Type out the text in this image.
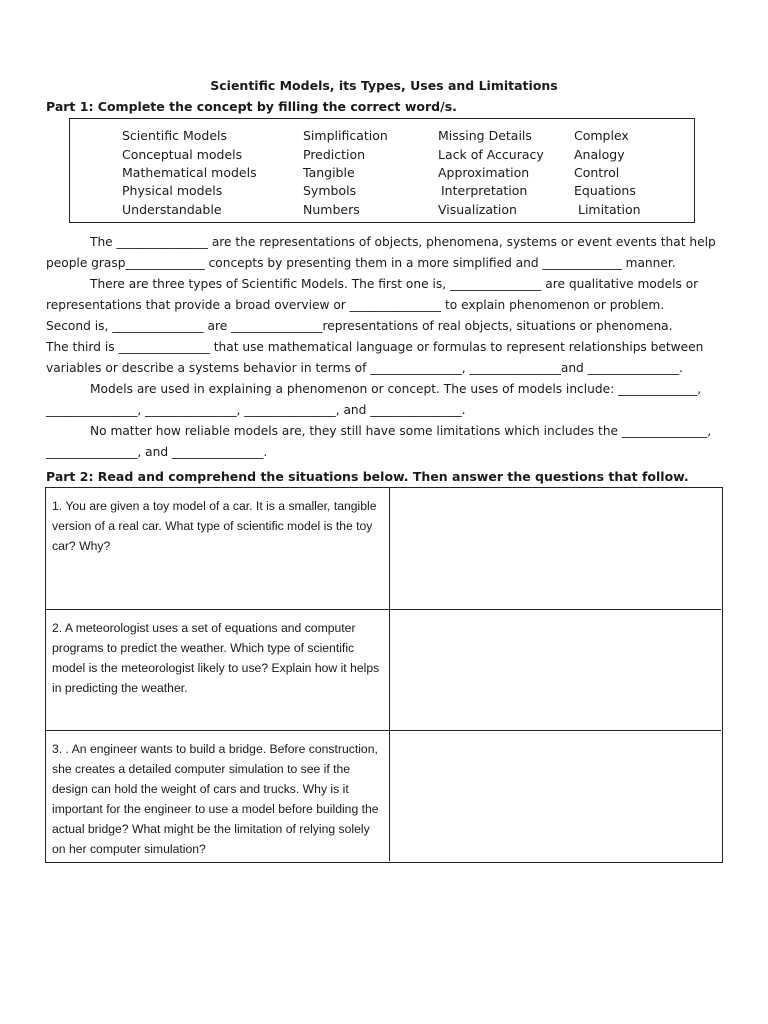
Scientific Models, its Types, Uses and Limitations
Part 1: Complete the concept by filling the correct word/s.
Scientific Models
Conceptual models
Mathematical models
Physical models
Understandable
Simplification
Prediction
Tangible
Symbols
Numbers
Missing Details
Lack of Accuracy
Approximation
Interpretation
Visualization
Complex
Analogy
Control
Equations
Limitation
The _______________ are the representations of objects, phenomena, systems or event events that help
people grasp_____________ concepts by presenting them in a more simplified and _____________ manner.
There are three types of Scientific Models. The first one is, _______________ are qualitative models or
representations that provide a broad overview or _______________ to explain phenomenon or problem.
Second is, _______________ are _______________representations of real objects, situations or phenomena.
The third is _______________ that use mathematical language or formulas to represent relationships between
variables or describe a systems behavior in terms of _______________, _______________and _______________.
Models are used in explaining a phenomenon or concept. The uses of models include: _____________,
_______________, _______________, _______________, and _______________.
No matter how reliable models are, they still have some limitations which includes the ______________,
_______________, and _______________.
Part 2: Read and comprehend the situations below. Then answer the questions that follow.
1. You are given a toy model of a car. It is a smaller, tangible version of a real car. What type of scientific model is the toy car? Why?
2. A meteorologist uses a set of equations and computer programs to predict the weather. Which type of scientific model is the meteorologist likely to use? Explain how it helps in predicting the weather.
3. . An engineer wants to build a bridge. Before construction, she creates a detailed computer simulation to see if the design can hold the weight of cars and trucks. Why is it important for the engineer to use a model before building the actual bridge? What might be the limitation of relying solely on her computer simulation?
